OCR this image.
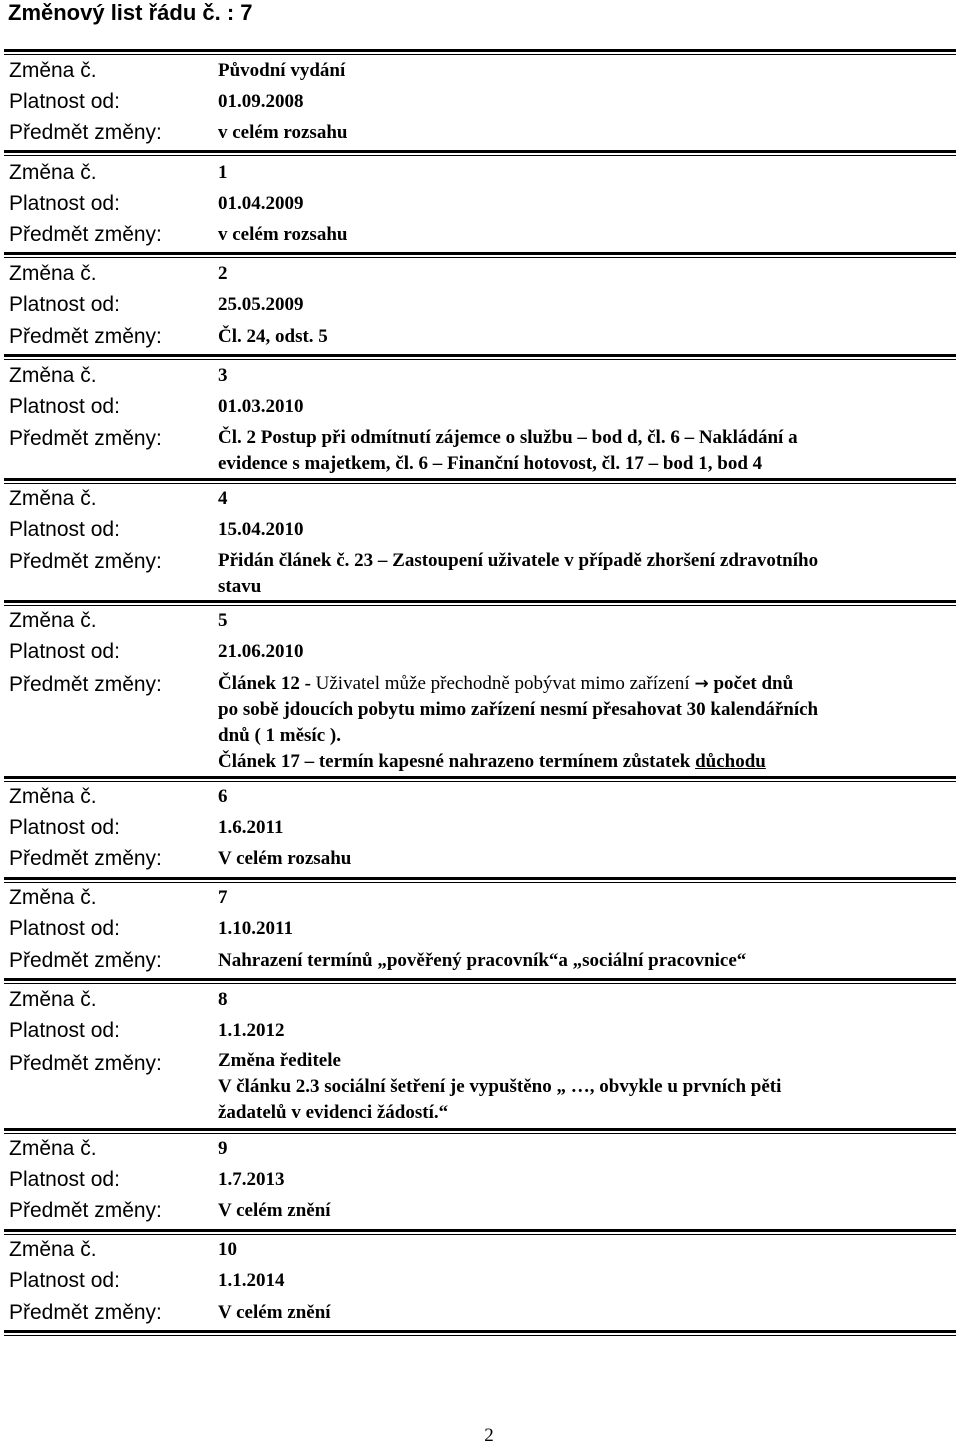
Změnový list řádu č. : 7
Změna č.	Původní vydání
Platnost od:	01.09.2008
Předmět změny:	v celém rozsahu
Změna č.	1
Platnost od:	01.04.2009
Předmět změny:	v celém rozsahu
Změna č.	2
Platnost od:	25.05.2009
Předmět změny:	Čl. 24, odst. 5
Změna č.	3
Platnost od:	01.03.2010
Předmět změny:	Čl. 2 Postup při odmítnutí zájemce o službu – bod d, čl. 6 – Nakládání a
evidence s majetkem, čl. 6 – Finanční hotovost, čl. 17 – bod 1, bod 4
Změna č.	4
Platnost od:	15.04.2010
Předmět změny:	Přidán článek č. 23 – Zastoupení uživatele v případě zhoršení zdravotního
stavu
Změna č.	5
Platnost od:	21.06.2010
Předmět změny:	Článek 12 - Uživatel může přechodně pobývat mimo zařízení → počet dnů
po sobě jdoucích pobytu mimo zařízení nesmí přesahovat 30 kalendářních
dnů ( 1 měsíc ).
Článek 17 – termín kapesné nahrazeno termínem zůstatek důchodu
Změna č.	6
Platnost od:	1.6.2011
Předmět změny:	V celém rozsahu
Změna č.	7
Platnost od:	1.10.2011
Předmět změny:	Nahrazení termínů „pověřený pracovník“a „sociální pracovnice“
Změna č.	8
Platnost od:	1.1.2012
Předmět změny:	Změna ředitele
V článku 2.3 sociální šetření je vypuštěno „ …, obvykle u prvních pěti
žadatelů v evidenci žádostí.“
Změna č.	9
Platnost od:	1.7.2013
Předmět změny:	V celém znění
Změna č.	10
Platnost od:	1.1.2014
Předmět změny:	V celém znění
2
